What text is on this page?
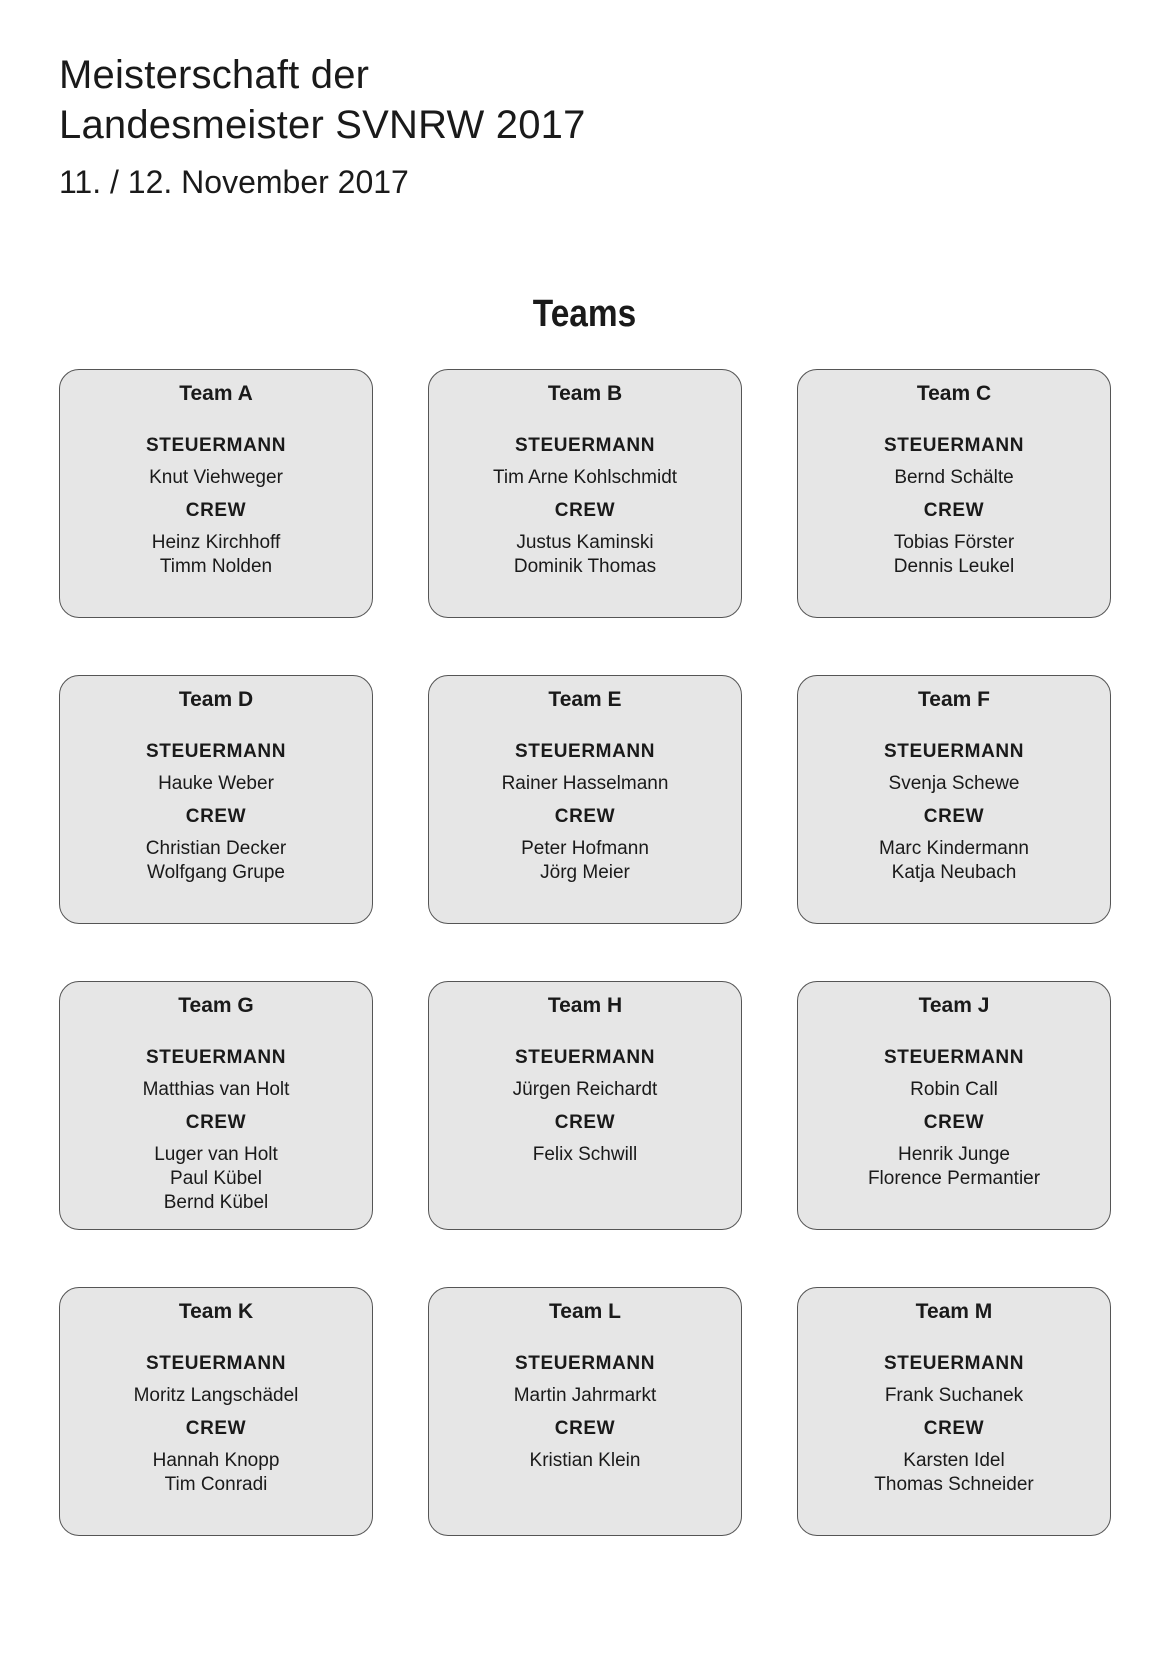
Meisterschaft der
Landesmeister SVNRW 2017
11. / 12. November 2017
Teams
Team A
STEUERMANN
Knut Viehweger
CREW
Heinz Kirchhoff
Timm Nolden
Team B
STEUERMANN
Tim Arne Kohlschmidt
CREW
Justus Kaminski
Dominik Thomas
Team C
STEUERMANN
Bernd Schälte
CREW
Tobias Förster
Dennis Leukel
Team D
STEUERMANN
Hauke Weber
CREW
Christian Decker
Wolfgang Grupe
Team E
STEUERMANN
Rainer Hasselmann
CREW
Peter Hofmann
Jörg Meier
Team F
STEUERMANN
Svenja Schewe
CREW
Marc Kindermann
Katja Neubach
Team G
STEUERMANN
Matthias van Holt
CREW
Luger van Holt
Paul Kübel
Bernd Kübel
Team H
STEUERMANN
Jürgen Reichardt
CREW
Felix Schwill
Team J
STEUERMANN
Robin Call
CREW
Henrik Junge
Florence Permantier
Team K
STEUERMANN
Moritz Langschädel
CREW
Hannah Knopp
Tim Conradi
Team L
STEUERMANN
Martin Jahrmarkt
CREW
Kristian Klein
Team M
STEUERMANN
Frank Suchanek
CREW
Karsten Idel
Thomas Schneider
